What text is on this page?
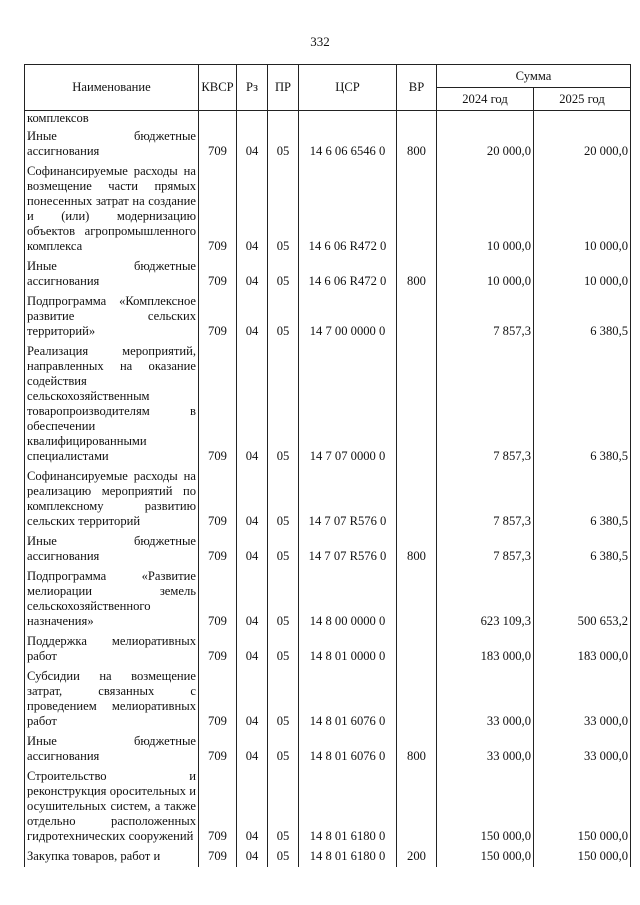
332
Наименование	КВСР	Рз	ПР	ЦСР	ВР	Сумма	
						2024 год	2025 год
комплексов							
Иные бюджетные ассигнования	709	04	05	14 6 06 6546 0	800	20 000,0	20 000,0
Софинансируемые расходы на возмещение части прямых понесенных затрат на создание и (или) модернизацию объектов агропромышленного комплекса	709	04	05	14 6 06 R472 0		10 000,0	10 000,0
Иные бюджетные ассигнования	709	04	05	14 6 06 R472 0	800	10 000,0	10 000,0
Подпрограмма «Комплексное развитие сельских территорий»	709	04	05	14 7 00 0000 0		7 857,3	6 380,5
Реализация мероприятий, направленных на оказание содействия сельскохозяйственным товаропроизводителям в обеспечении квалифицированными специалистами	709	04	05	14 7 07 0000 0		7 857,3	6 380,5
Софинансируемые расходы на реализацию мероприятий по комплексному развитию сельских территорий	709	04	05	14 7 07 R576 0		7 857,3	6 380,5
Иные бюджетные ассигнования	709	04	05	14 7 07 R576 0	800	7 857,3	6 380,5
Подпрограмма «Развитие мелиорации земель сельскохозяйственного назначения»	709	04	05	14 8 00 0000 0		623 109,3	500 653,2
Поддержка мелиоративных работ	709	04	05	14 8 01 0000 0		183 000,0	183 000,0
Субсидии на возмещение затрат, связанных с проведением мелиоративных работ	709	04	05	14 8 01 6076 0		33 000,0	33 000,0
Иные бюджетные ассигнования	709	04	05	14 8 01 6076 0	800	33 000,0	33 000,0
Строительство и реконструкция оросительных и осушительных систем, а также отдельно расположенных гидротехнических сооружений	709	04	05	14 8 01 6180 0		150 000,0	150 000,0
Закупка товаров, работ и	709	04	05	14 8 01 6180 0	200	150 000,0	150 000,0
